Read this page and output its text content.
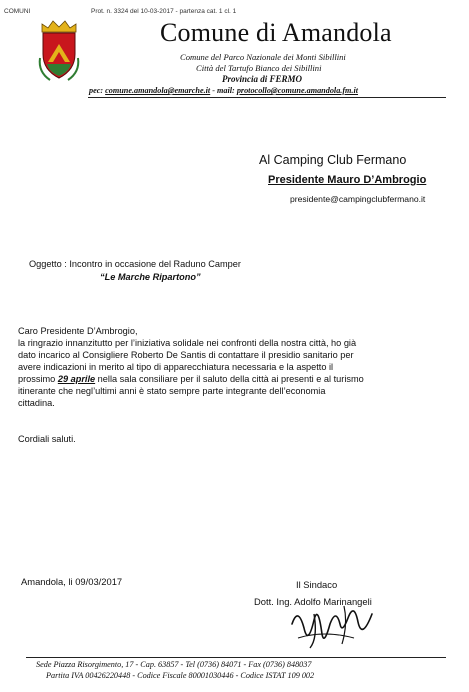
COMUNI	Prot. n. 3324 del 10-03-2017 - partenza cat. 1 cl. 1
Comune di Amandola
Comune del Parco Nazionale dei Monti Sibillini
Città del Tartufo Bianco dei Sibillini
Provincia di FERMO
pec: comune.amandola@emarche.it - mail: protocollo@comune.amandola.fm.it
Al Camping Club Fermano
Presidente Mauro D’Ambrogio
presidente@campingclubfermano.it
Oggetto : Incontro in occasione del Raduno Camper
“Le Marche Ripartono”
Caro Presidente D’Ambrogio,
la ringrazio innanzitutto per l’iniziativa solidale nei confronti della nostra città, ho già
dato incarico al Consigliere Roberto De Santis di contattare il presidio sanitario per
avere indicazioni in merito al tipo di apparecchiatura necessaria e la aspetto il
prossimo 29 aprile nella sala consiliare per il saluto della città ai presenti e al turismo
itinerante che negl’ultimi anni è stato sempre parte integrante dell’economia
cittadina.
Cordiali saluti.
Amandola, li 09/03/2017	Il Sindaco
Dott. Ing. Adolfo Marinangeli
Sede Piazza Risorgimento, 17 - Cap. 63857 - Tel (0736) 84071 - Fax (0736) 848037
Partita IVA 00426220448 - Codice Fiscale 80001030446 - Codice ISTAT 109 002
